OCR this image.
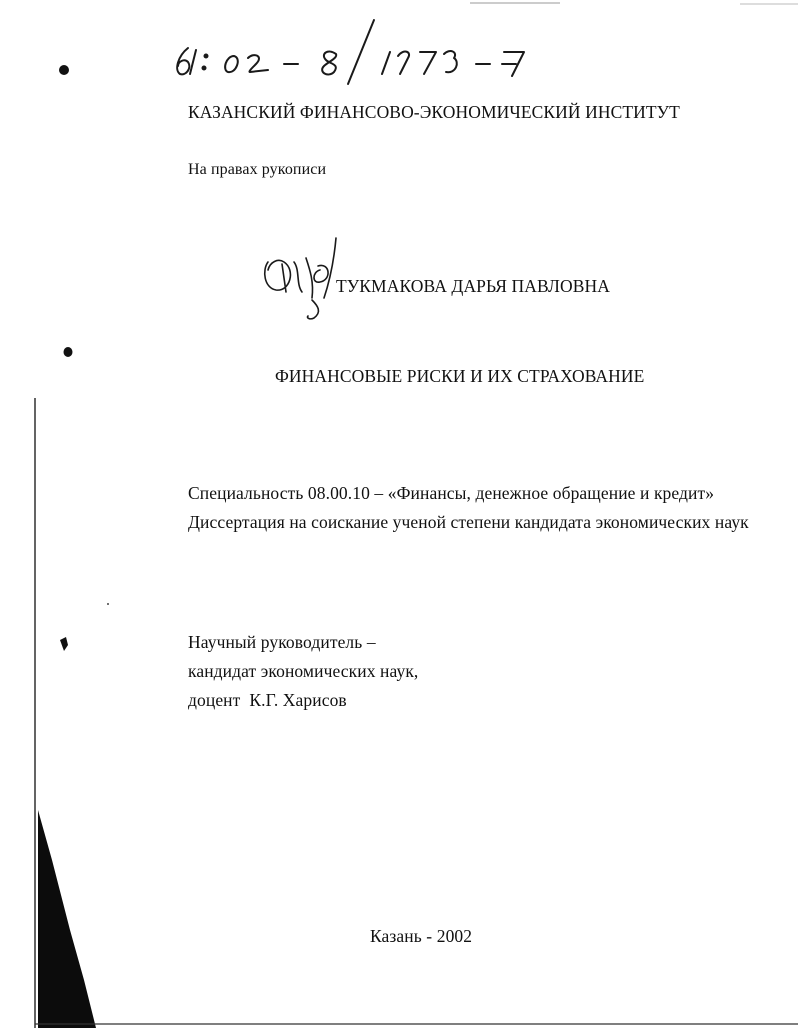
КАЗАНСКИЙ ФИНАНСОВО-ЭКОНОМИЧЕСКИЙ ИНСТИТУТ
На правах рукописи
ТУКМАКОВА ДАРЬЯ ПАВЛОВНА
ФИНАНСОВЫЕ РИСКИ И ИХ СТРАХОВАНИЕ
Специальность 08.00.10 – «Финансы, денежное обращение и кредит»
Диссертация на соискание ученой степени кандидата экономических наук
Научный руководитель –
кандидат экономических наук,
доцент  К.Г. Харисов
Казань - 2002
